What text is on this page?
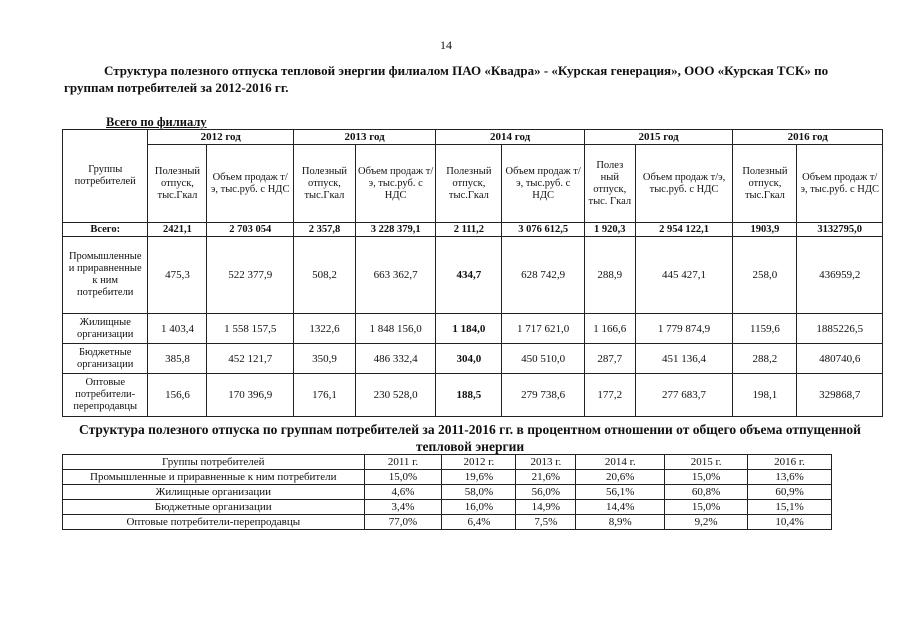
14
Структура полезного отпуска тепловой энергии филиалом ПАО «Квадра» - «Курская генерация», ООО «Курская ТСК» по группам потребителей за 2012-2016 гг.
Всего по филиалу
Группы потребителей	2012 год		2013 год		2014 год		2015 год		2016 год	
	Полезный отпуск, тыс.Гкал	Объем продаж т/э, тыс.руб. с НДС	Полезный отпуск, тыс.Гкал	Объем продаж т/э, тыс.руб. с НДС	Полезный отпуск, тыс.Гкал	Объем продаж т/э, тыс.руб. с НДС	Полез ный отпуск, тыс. Гкал	Объем продаж т/э, тыс.руб. с НДС	Полезный отпуск, тыс.Гкал	Объем продаж т/э, тыс.руб. с НДС
Всего:	2421,1	2 703 054	2 357,8	3 228 379,1	2 111,2	3 076 612,5	1 920,3	2 954 122,1	1903,9	3132795,0
Промышленные и приравненные к ним потребители	475,3	522 377,9	508,2	663 362,7	434,7	628 742,9	288,9	445 427,1	258,0	436959,2
Жилищные организации	1 403,4	1 558 157,5	1322,6	1 848 156,0	1 184,0	1 717 621,0	1 166,6	1 779 874,9	1159,6	1885226,5
Бюджетные организации	385,8	452 121,7	350,9	486 332,4	304,0	450 510,0	287,7	451 136,4	288,2	480740,6
Оптовые потребители-перепродавцы	156,6	170 396,9	176,1	230 528,0	188,5	279 738,6	177,2	277 683,7	198,1	329868,7
Структура полезного отпуска по группам потребителей за 2011-2016 гг. в процентном отношении от общего объема отпущенной тепловой энергии
Группы потребителей	2011 г.	2012 г.	2013 г.	2014 г.	2015 г.	2016 г.
Промышленные и приравненные к ним потребители	15,0%	19,6%	21,6%	20,6%	15,0%	13,6%
Жилищные организации	4,6%	58,0%	56,0%	56,1%	60,8%	60,9%
Бюджетные организации	3,4%	16,0%	14,9%	14,4%	15,0%	15,1%
Оптовые потребители-перепродавцы	77,0%	6,4%	7,5%	8,9%	9,2%	10,4%
